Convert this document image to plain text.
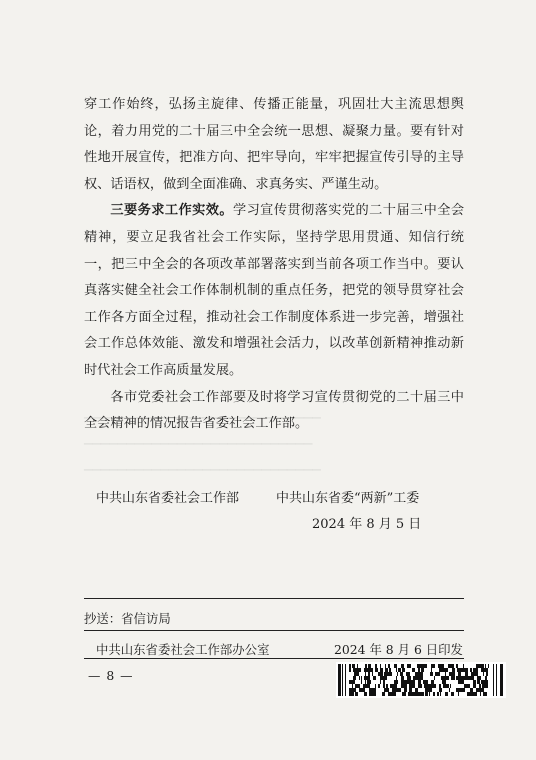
▁▁▁▁▁▁▁▁▁▁▁▁▁▁▁▁▁▁▁▁▁▁▁▁▁▁▁▁
▁▁▁▁▁▁▁▁▁▁▁▁▁▁▁▁▁▁▁▁▁▁▁▁▁▁▁
▁▁▁▁▁▁▁▁▁▁▁▁▁▁▁▁▁▁▁▁▁▁▁▁▁▁▁▁

穿工作始终，弘扬主旋律、传播正能量，巩固壮大主流思想舆论，着力用党的二十届三中全会统一思想、凝聚力量。要有针对性地开展宣传，把准方向、把牢导向，牢牢把握宣传引导的主导权、话语权，做到全面准确、求真务实、严谨生动。

三要务求工作实效。学习宣传贯彻落实党的二十届三中全会精神，要立足我省社会工作实际，坚持学思用贯通、知信行统一，把三中全会的各项改革部署落实到当前各项工作当中。要认真落实健全社会工作体制机制的重点任务，把党的领导贯穿社会工作各方面全过程，推动社会工作制度体系进一步完善，增强社会工作总体效能、激发和增强社会活力，以改革创新精神推动新时代社会工作高质量发展。

各市党委社会工作部要及时将学习宣传贯彻党的二十届三中全会精神的情况报告省委社会工作部。

中共山东省委社会工作部	中共山东省委“两新”工委
2024 年 8 月 5 日
抄送：省信访局
中共山东省委社会工作部办公室	2024 年 8 月 6 日印发
— 8 —
